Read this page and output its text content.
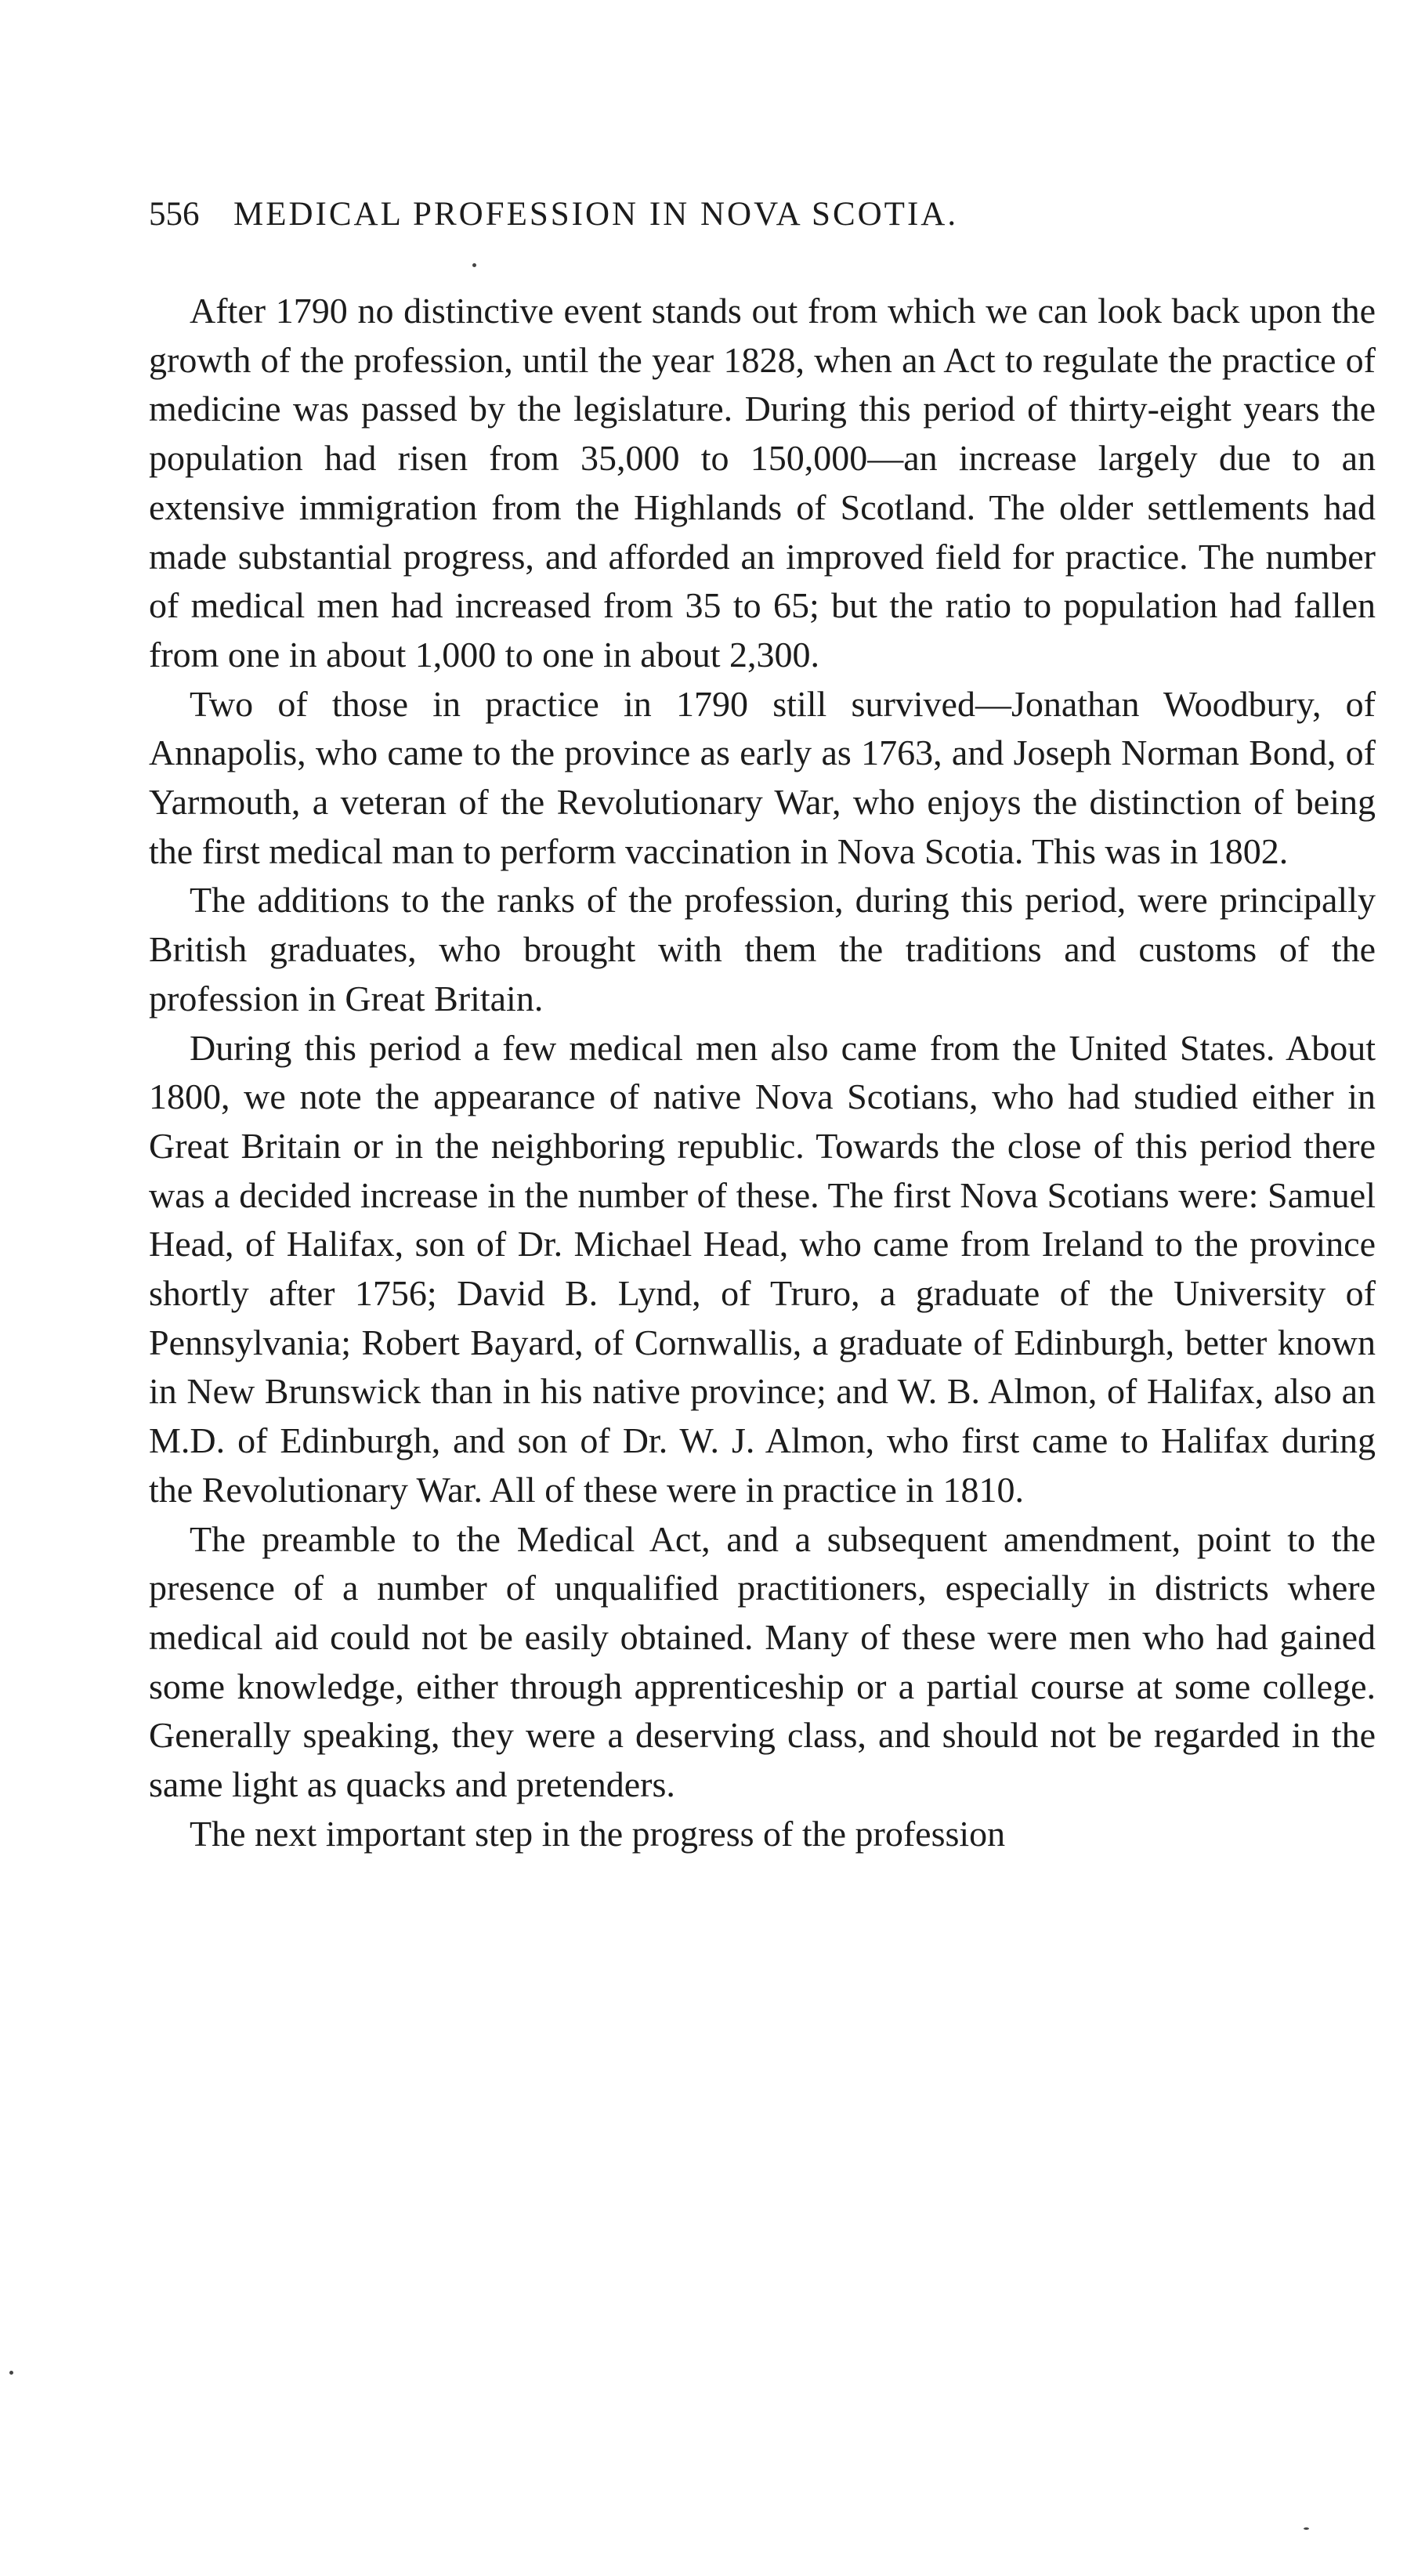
556 MEDICAL PROFESSION IN NOVA SCOTIA.

After 1790 no distinctive event stands out from which we can look back upon the growth of the profession, until the year 1828, when an Act to regulate the practice of medicine was passed by the legislature. During this period of thirty-eight years the population had risen from 35,000 to 150,000—an increase largely due to an extensive immigration from the Highlands of Scotland. The older settlements had made substantial progress, and afforded an improved field for practice. The number of medical men had increased from 35 to 65; but the ratio to population had fallen from one in about 1,000 to one in about 2,300.

Two of those in practice in 1790 still survived—Jonathan Woodbury, of Annapolis, who came to the province as early as 1763, and Joseph Norman Bond, of Yarmouth, a veteran of the Revolutionary War, who enjoys the distinction of being the first medical man to perform vaccination in Nova Scotia. This was in 1802.

The additions to the ranks of the profession, during this period, were principally British graduates, who brought with them the traditions and customs of the profession in Great Britain.

During this period a few medical men also came from the United States. About 1800, we note the appearance of native Nova Scotians, who had studied either in Great Britain or in the neighboring republic. Towards the close of this period there was a decided increase in the number of these. The first Nova Scotians were: Samuel Head, of Halifax, son of Dr. Michael Head, who came from Ireland to the province shortly after 1756; David B. Lynd, of Truro, a graduate of the University of Pennsylvania; Robert Bayard, of Cornwallis, a graduate of Edinburgh, better known in New Brunswick than in his native province; and W. B. Almon, of Halifax, also an M.D. of Edinburgh, and son of Dr. W. J. Almon, who first came to Halifax during the Revolutionary War. All of these were in practice in 1810.

The preamble to the Medical Act, and a subsequent amendment, point to the presence of a number of unqualified practitioners, especially in districts where medical aid could not be easily obtained. Many of these were men who had gained some knowledge, either through apprenticeship or a partial course at some college. Generally speaking, they were a deserving class, and should not be regarded in the same light as quacks and pretenders.

The next important step in the progress of the profession
